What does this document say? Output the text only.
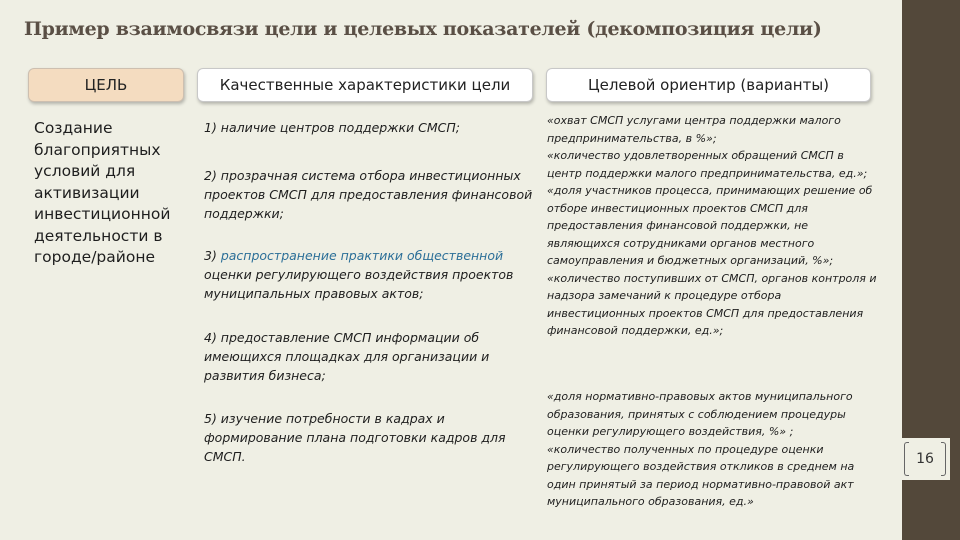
Пример взаимосвязи цели и целевых показателей (декомпозиция цели)
ЦЕЛЬ	Качественные характеристики цели	Целевой ориентир (варианты)
Создание благоприятных условий для активизации инвестиционной деятельности в городе/районе
1) наличие центров поддержки СМСП;
2) прозрачная система отбора инвестиционных проектов СМСП для предоставления финансовой поддержки;
3) распространение практики общественной оценки регулирующего воздействия проектов муниципальных правовых актов;
4) предоставление СМСП информации об имеющихся площадках для организации и развития бизнеса;
5) изучение потребности в кадрах и формирование плана подготовки кадров для СМСП.
«охват СМСП услугами центра поддержки малого предпринимательства, в %»;
«количество удовлетворенных обращений СМСП в центр поддержки малого предпринимательства, ед.»;
«доля участников процесса, принимающих решение об отборе инвестиционных проектов СМСП для предоставления финансовой поддержки, не являющихся сотрудниками органов местного самоуправления и бюджетных организаций, %»;
«количество поступивших от СМСП, органов контроля и надзора замечаний к процедуре отбора инвестиционных проектов СМСП для предоставления финансовой поддержки, ед.»;
«доля нормативно-правовых актов муниципального образования, принятых с соблюдением процедуры оценки регулирующего воздействия, %» ;
«количество полученных по процедуре оценки регулирующего воздействия откликов в среднем на один принятый за период нормативно-правовой акт муниципального образования, ед.»
16
